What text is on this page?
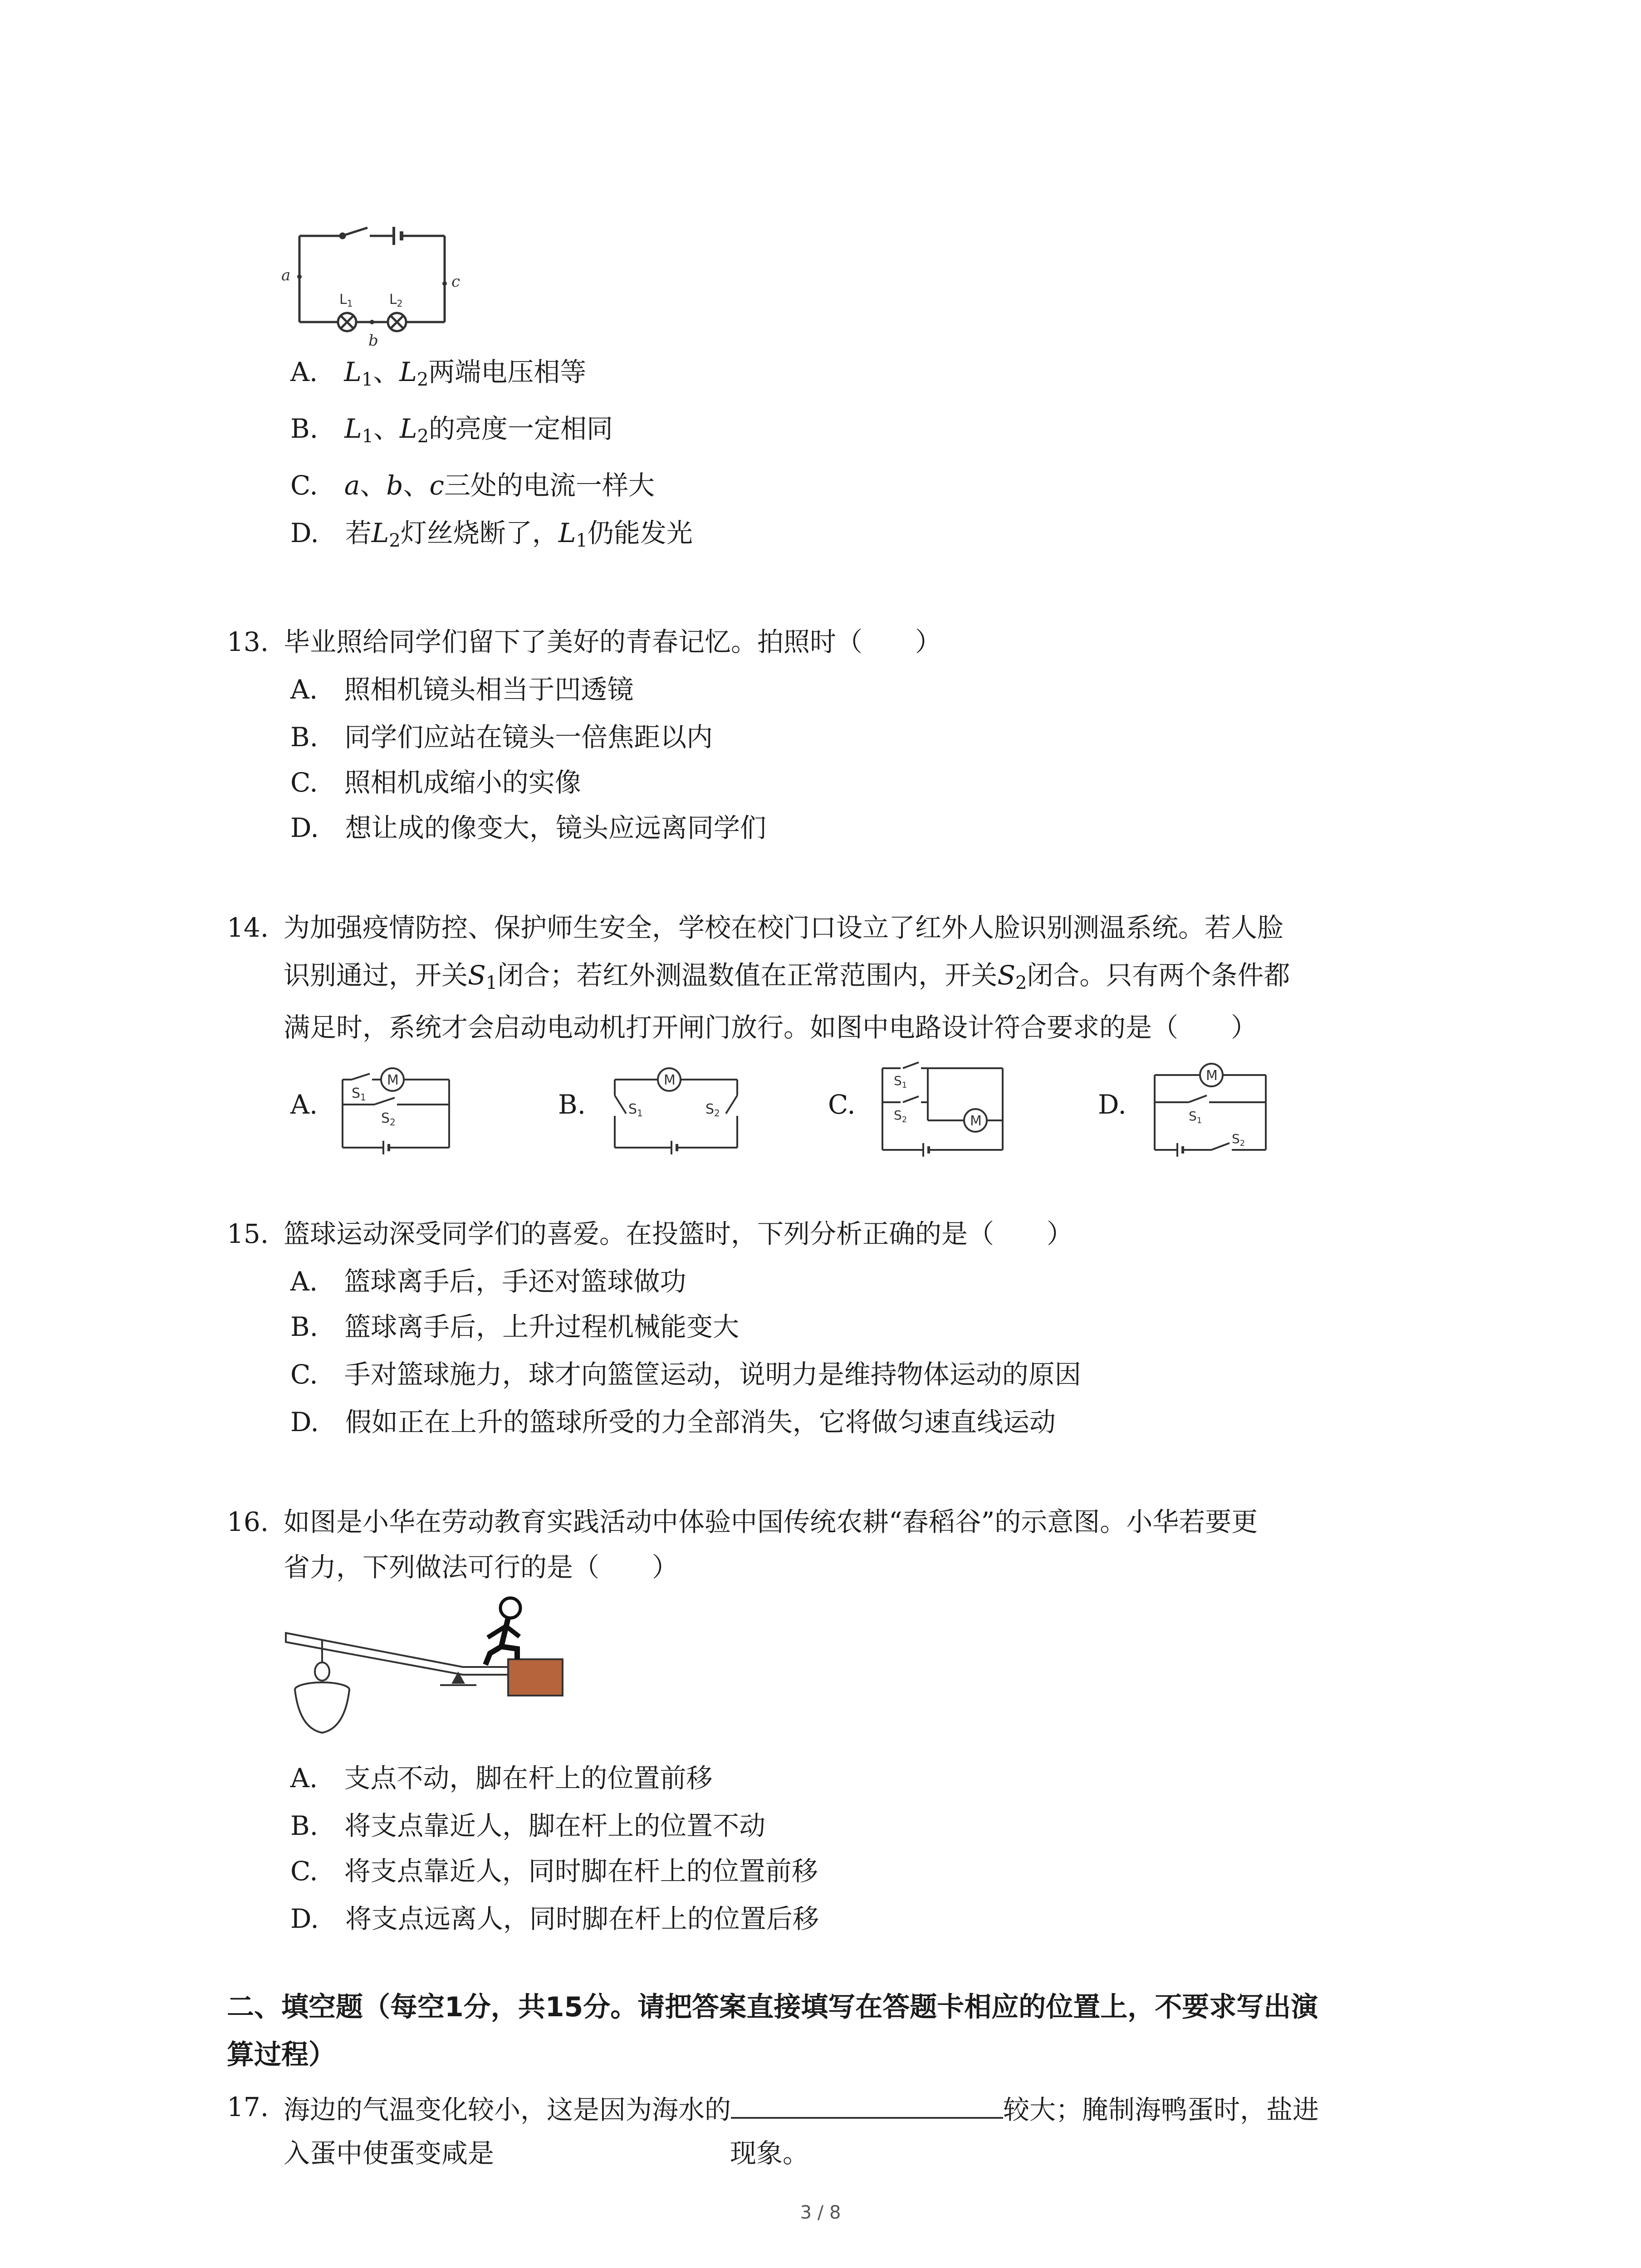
a	c
b
$L_1$	$L_2$
A.　$L_1$、$L_2$两端电压相等
B.　$L_1$、$L_2$的亮度一定相同
C.　a、b、c三处的电流一样大
D.　若$L_2$灯丝烧断了，$L_1$仍能发光
13. 毕业照给同学们留下了美好的青春记忆。拍照时（　　）
A.　 照相机镜头相当于凹透镜
B.　 同学们应站在镜头一倍焦距以内
C.　 照相机成缩小的实像
D.　 想让成的像变大，镜头应远离同学们
14. 为加强疫情防控、保护师生安全，学校在校门口设立了红外人脸识别测温系统。若人脸
识别通过，开关$S_1$闭合；若红外测温数值在正常范围内，开关$S_2$闭合。只有两个条件都
满足时，系统才会启动电动机打开闸门放行。如图中电路设计符合要求的是（　　）
A.	B.	C.	D.
M
$S_1$
$S_2$
M
$S_1$	$S_2$
$S_1$
$S_2$	M
M
$S_1$
$S_2$
15. 篮球运动深受同学们的喜爱。在投篮时，下列分析正确的是（　　）
A.　 篮球离手后，手还对篮球做功
B.　 篮球离手后，上升过程机械能变大
C.　 手对篮球施力，球才向篮筐运动，说明力是维持物体运动的原因
D.　 假如正在上升的篮球所受的力全部消失，它将做匀速直线运动
16. 如图是小华在劳动教育实践活动中体验中国传统农耕“舂稻谷”的示意图。小华若要更
省力，下列做法可行的是（　　）
A.　 支点不动，脚在杆上的位置前移
B.　 将支点靠近人，脚在杆上的位置不动
C.　 将支点靠近人，同时脚在杆上的位置前移
D.　 将支点远离人，同时脚在杆上的位置后移
二、填空题（每空1分，共15分。请把答案直接填写在答题卡相应的位置上，不要求写出演
算过程）
17. 海边的气温变化较小，这是因为海水的	较大；腌制海鸭蛋时，盐进
入蛋中使蛋变咸是	现象。
3 / 8
